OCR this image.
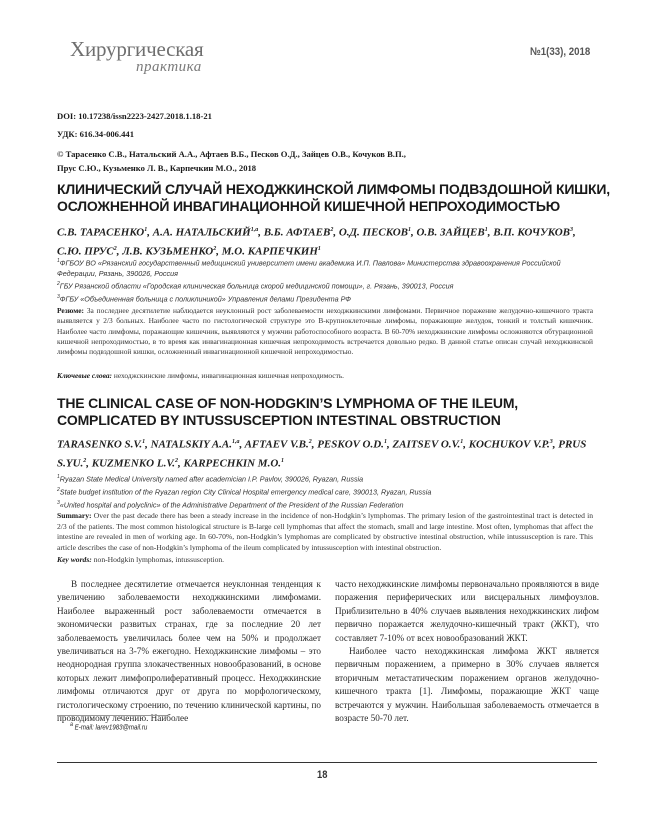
Хирургическая
практика
№1(33), 2018
DOI: 10.17238/issn2223-2427.2018.1.18-21
УДК: 616.34-006.441
© Тарасенко С.В., Натальский А.А., Афтаев В.Б., Песков О.Д., Зайцев О.В., Кочуков В.П.,
Прус С.Ю., Кузьменко Л. В., Карпечкин М.О., 2018
КЛИНИЧЕСКИЙ СЛУЧАЙ НЕХОДЖКИНСКОЙ ЛИМФОМЫ ПОДВЗДОШНОЙ КИШКИ,
ОСЛОЖНЕННОЙ ИНВАГИНАЦИОННОЙ КИШЕЧНОЙ НЕПРОХОДИМОСТЬЮ
С.В. ТАРАСЕНКО$^1$, А.А. НАТАЛЬСКИЙ$^{1,a}$, В.Б. АФТАЕВ$^2$, О.Д. ПЕСКОВ$^1$, О.В. ЗАЙЦЕВ$^1$, В.П. КОЧУКОВ$^3$, С.Ю. ПРУС$^2$, Л.В. КУЗЬМЕНКО$^2$, М.О. КАРПЕЧКИН$^1$
$^1$ФГБОУ ВО «Рязанский государственный медицинский университет имени академика И.П. Павлова» Министерства здравоохранения Российской Федерации, Рязань, 390026, Россия
$^2$ГБУ Рязанской области «Городская клиническая больница скорой медицинской помощи», г. Рязань, 390013, Россия
$^3$ФГБУ «Объединенная больница с поликлиникой» Управления делами Президента РФ
Резюме: За последнее десятилетие наблюдается неуклонный рост заболеваемости неходжкинскими лимфомами. Первичное поражение желудочно-кишечного тракта выявляется у 2/3 больных. Наиболее часто по гистологической структуре это В-крупноклеточные лимфомы, поражающие желудок, тонкий и толстый кишечник. Наиболее часто лимфомы, поражающие кишечник, выявляются у мужчин работоспособного возраста. В 60-70% неходжкинские лимфомы осложняются обтурационной кишечной непроходимостью, в то время как инвагинационная кишечная непроходимость встречается довольно редко. В данной статье описан случай неходжкинской лимфомы подвздошной кишки, осложненный инвагинационной кишечной непроходимостью.
Ключевые слова: неходжскинские лимфомы, инвагинационная кишечная непроходимость.
THE CLINICAL CASE OF NON-HODGKIN’S LYMPHOMA OF THE ILEUM,
COMPLICATED BY INTUSSUSCEPTION INTESTINAL OBSTRUCTION
TARASENKO S.V.$^1$, NATALSKIY A.A.$^{1,a}$, AFTAEV V.B.$^2$, PESKOV O.D.$^1$, ZAITSEV O.V.$^1$, KOCHUKOV V.P.$^3$, PRUS S.YU.$^2$, KUZMENKO L.V.$^2$, KARPECHKIN M.O.$^1$
$^1$Ryazan State Medical University named after academician I.P. Pavlov, 390026, Ryazan, Russia
$^2$State budget institution of the Ryazan region City Clinical Hospital emergency medical care, 390013, Ryazan, Russia
$^3$«United hospital and polyclinic» of the Administrative Department of the President of the Russian Federation
Summary: Over the past decade there has been a steady increase in the incidence of non-Hodgkin’s lymphomas. The primary lesion of the gastrointestinal tract is detected in 2/3 of the patients. The most common histological structure is B-large cell lymphomas that affect the stomach, small and large intestine. Most often, lymphomas that affect the intestine are revealed in men of working age. In 60-70%, non-Hodgkin’s lymphomas are complicated by obstructive intestinal obstruction, while intussusception is rare. This article describes the case of non-Hodgkin’s lymphoma of the ileum complicated by intussusception with intestinal obstruction.
Key words: non-Hodgkin lymphomas, intussusception.

В последнее десятилетие отмечается неуклонная тенденция к увеличению заболеваемости неходжкинскими лимфомами. Наиболее выраженный рост заболеваемости отмечается в экономически развитых странах, где за последние 20 лет заболеваемость увеличилась более чем на 50% и продолжает увеличиваться на 3-7% ежегодно. Неходжкинские лимфомы – это неоднородная группа злокачественных новообразований, в основе которых лежит лимфопролиферативный процесс. Неходжкинские лимфомы отличаются друг от друга по морфологическому, гистологическому строению, по течению клинической картины, по проводимому лечению. Наиболее

часто неходжкинские лимфомы первоначально проявляются в виде поражения периферических или висцеральных лимфоузлов. Приблизительно в 40% случаев выявления неходжкинских лифом первично поражается желудочно-кишечный тракт (ЖКТ), что составляет 7-10% от всех новообразований ЖКТ.

Наиболее часто неходжкинская лимфома ЖКТ является первичным поражением, а примерно в 30% случаев является вторичным метастатическим поражением органов желудочно-кишечного тракта [1]. Лимфомы, поражающие ЖКТ чаще встречаются у мужчин. Наибольшая заболеваемость отмечается в возрасте 50-70 лет.

$^a$ E-mail: larev1983@mail.ru
18
